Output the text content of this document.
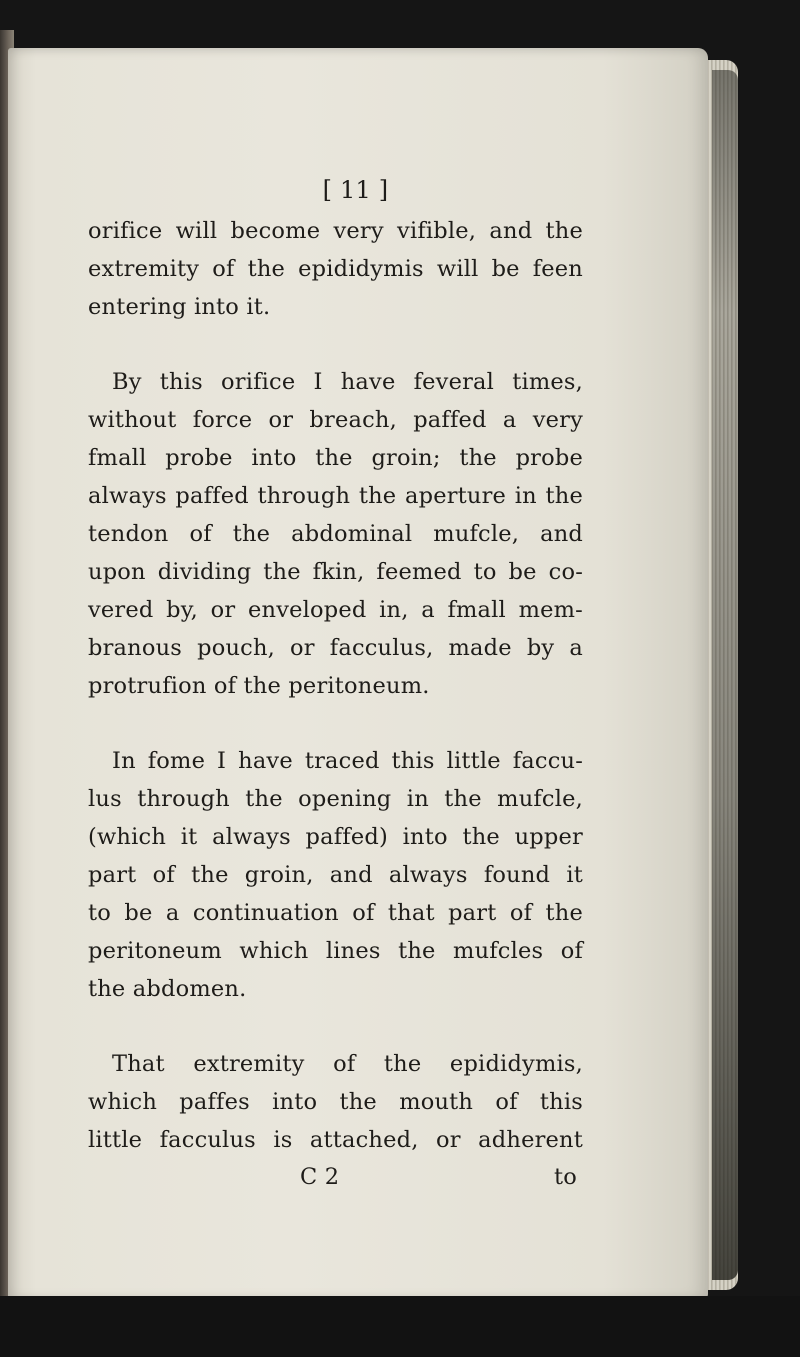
[ 11 ]
orifice will become very vifible, and the
extremity of the epididymis will be feen
entering into it.
By this orifice I have feveral times,
without force or breach, paffed a very
fmall probe into the groin; the probe
always paffed through the aperture in the
tendon of the abdominal mufcle, and
upon dividing the fkin, feemed to be co-
vered by, or enveloped in, a fmall mem-
branous pouch, or facculus, made by a
protrufion of the peritoneum.
In fome I have traced this little faccu-
lus through the opening in the mufcle,
(which it always paffed) into the upper
part of the groin, and always found it
to be a continuation of that part of the
peritoneum which lines the mufcles of
the abdomen.
That extremity of the epididymis,
which paffes into the mouth of this
little facculus is attached, or adherent
C 2	to
